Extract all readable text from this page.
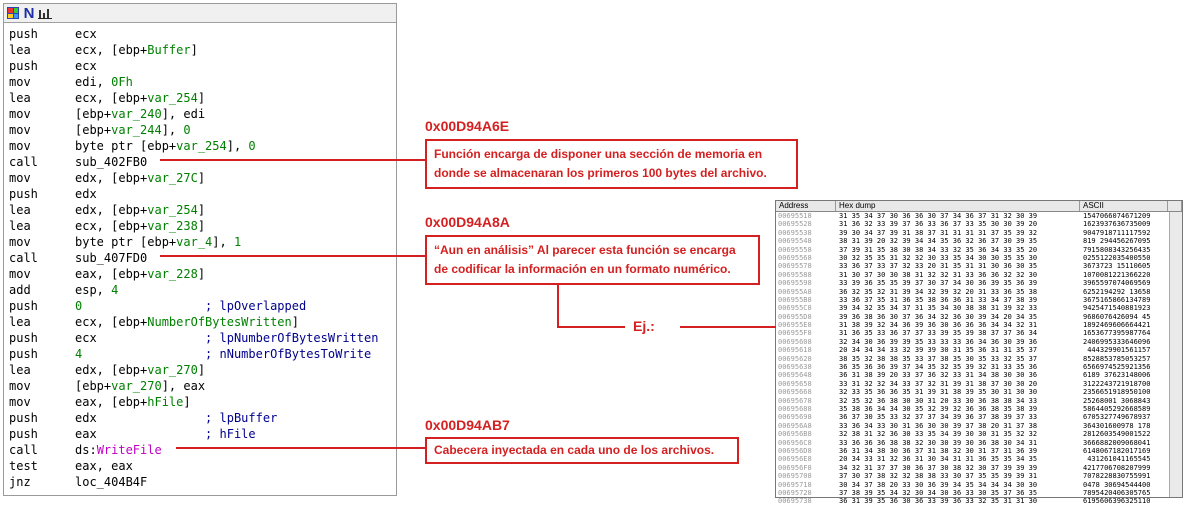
N
push	ecx
lea	ecx, [ebp+Buffer]
push	ecx
mov	edi, 0Fh
lea	ecx, [ebp+var_254]
mov	[ebp+var_240], edi
mov	[ebp+var_244], 0
mov	byte ptr [ebp+var_254], 0
call	sub_402FB0
mov	edx, [ebp+var_27C]
push	edx
lea	edx, [ebp+var_254]
lea	ecx, [ebp+var_238]
mov	byte ptr [ebp+var_4], 1
call	sub_407FD0
mov	eax, [ebp+var_228]
add	esp, 4
push	0                 ; lpOverlapped
lea	ecx, [ebp+NumberOfBytesWritten]
push	ecx               ; lpNumberOfBytesWritten
push	4                 ; nNumberOfBytesToWrite
lea	edx, [ebp+var_270]
mov	[ebp+var_270], eax
mov	eax, [ebp+hFile]
push	edx               ; lpBuffer
push	eax               ; hFile
call	ds:WriteFile
test	eax, eax
jnz	loc_404B4F
Address	Hex dump	ASCII
00695518	31 35 34 37 30 36 36 30 37 34 36 37 31 32 30 39	1547066074671209
00695528	31 36 32 33 39 37 36 33 36 37 33 35 30 30 39 20	1623937636735009
00695538	39 30 34 37 39 31 38 37 31 31 31 31 37 35 39 32	9047918711117592
00695548	38 31 39 20 32 39 34 34 35 36 32 36 37 30 39 35	819 294456267095
00695558	37 39 31 35 38 30 38 34 33 32 35 36 34 33 35 20	7915808343256435
00695568	30 32 35 35 31 32 32 30 33 35 34 30 30 35 35 30	0255122035400550
00695578	33 36 37 33 37 32 33 20 31 35 31 31 30 36 30 35	3673723 15110605
00695588	31 30 37 30 30 38 31 32 32 31 33 36 36 32 32 30	1070081221366220
00695598	33 39 36 35 35 39 37 30 37 34 30 36 39 35 36 39	3965597074069569
006955A8	36 32 35 32 31 39 34 32 39 32 20 31 33 36 35 38	6252194292 13658
006955B8	33 36 37 35 31 36 35 38 36 36 31 33 34 37 38 39	3675165866134789
006955C8	39 34 32 35 34 37 31 35 34 30 38 38 31 39 32 33	9425471540881923
006955D8	39 36 38 36 30 37 36 34 32 36 30 39 34 20 34 35	9686076426094 45
006955E8	31 38 39 32 34 36 39 36 30 36 36 36 34 34 32 31	1892469606664421
006955F8	31 36 35 33 36 37 37 33 39 35 39 38 37 37 36 34	1653677395987764
00695608	32 34 30 36 39 39 35 33 33 33 36 34 36 30 39 36	2406995333646096
00695618	20 34 34 34 33 32 39 39 30 31 35 36 31 31 35 37	444329901561157
00695628	38 35 32 38 38 35 33 37 38 35 30 35 33 32 35 37	8528853785053257
00695638	36 35 36 36 39 37 34 35 32 35 39 32 31 33 35 36	6566974525921356
00695648	36 31 38 39 20 33 37 36 32 33 31 34 38 30 30 36	6189 37623148006
00695658	33 31 32 32 34 33 37 32 31 39 31 38 37 30 30 20	3122243721918700
00695668	32 33 35 36 36 35 31 39 31 38 39 35 30 31 30 30	2356651918950100
00695678	32 35 32 36 38 30 30 31 20 33 30 36 38 38 34 33	25268001 3068843
00695688	35 38 36 34 34 30 35 32 39 32 36 36 38 35 38 39	5864405292668589
00695698	36 37 30 35 33 32 37 37 34 39 36 37 38 39 37 33	6705327749678937
006956A8	33 36 34 33 30 31 36 30 30 39 37 38 20 31 37 38	364301600978 178
006956B8	32 38 31 32 36 30 33 35 34 39 30 30 31 35 32 32	2812603549001522
006956C8	33 36 36 36 38 38 32 30 30 39 30 36 38 30 34 31	3666882009068041
006956D8	36 31 34 38 30 36 37 31 38 32 30 31 37 31 36 39	6148067182017169
006956E8	20 34 33 31 32 36 31 30 34 31 31 36 35 35 34 35	431261041165545
006956F8	34 32 31 37 37 30 36 37 30 38 32 30 37 39 39 39	4217706708207999
00695708	37 30 37 38 32 32 38 38 33 30 37 35 35 39 39 31	7078228830755991
00695718	30 34 37 38 20 33 30 36 39 34 35 34 34 34 30 30	0478 30694544400
00695728	37 38 39 35 34 32 30 34 30 36 33 30 35 37 36 35	7895420406305765
00695738	36 31 39 35 36 30 36 33 39 36 33 32 35 31 31 30	6195606396325110
0x00D94A6E
Función encarga de disponer una sección de memoria en
donde se almacenaran los primeros 100 bytes del archivo.
0x00D94A8A
“Aun en análisis” Al parecer esta función se encarga
de codificar la información en un formato numérico.
Ej.:
0x00D94AB7
Cabecera inyectada en cada uno de los archivos.
